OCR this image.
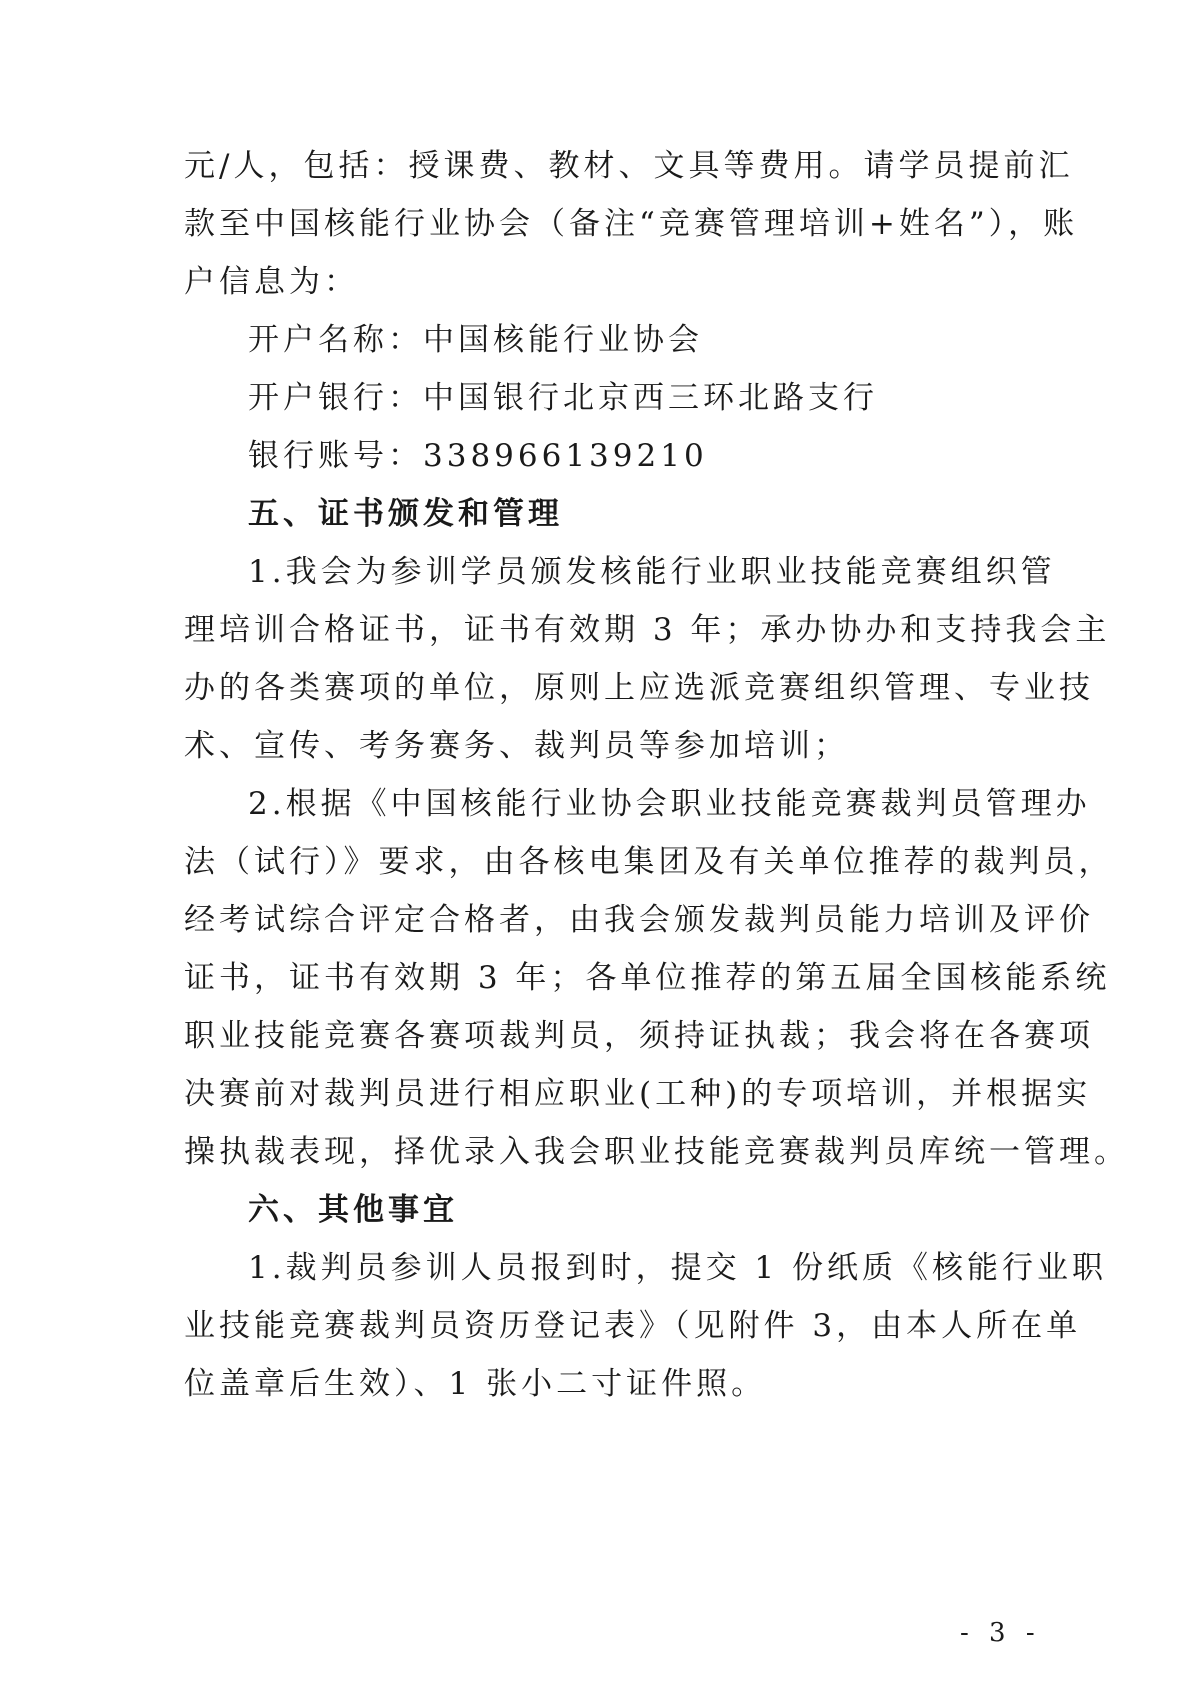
元/人，包括：授课费、教材、文具等费用。请学员提前汇
款至中国核能行业协会（备注“竞赛管理培训+姓名”），账
户信息为：
开户名称：中国核能行业协会
开户银行：中国银行北京西三环北路支行
银行账号：338966139210
五、证书颁发和管理
1.我会为参训学员颁发核能行业职业技能竞赛组织管
理培训合格证书，证书有效期 3 年；承办协办和支持我会主
办的各类赛项的单位，原则上应选派竞赛组织管理、专业技
术、宣传、考务赛务、裁判员等参加培训；
2.根据《中国核能行业协会职业技能竞赛裁判员管理办
法（试行）》要求，由各核电集团及有关单位推荐的裁判员，
经考试综合评定合格者，由我会颁发裁判员能力培训及评价
证书，证书有效期 3 年；各单位推荐的第五届全国核能系统
职业技能竞赛各赛项裁判员，须持证执裁；我会将在各赛项
决赛前对裁判员进行相应职业(工种)的专项培训，并根据实
操执裁表现，择优录入我会职业技能竞赛裁判员库统一管理。
六、其他事宜
1.裁判员参训人员报到时，提交 1 份纸质《核能行业职
业技能竞赛裁判员资历登记表》（见附件 3，由本人所在单
位盖章后生效）、1 张小二寸证件照。
- 3 -
